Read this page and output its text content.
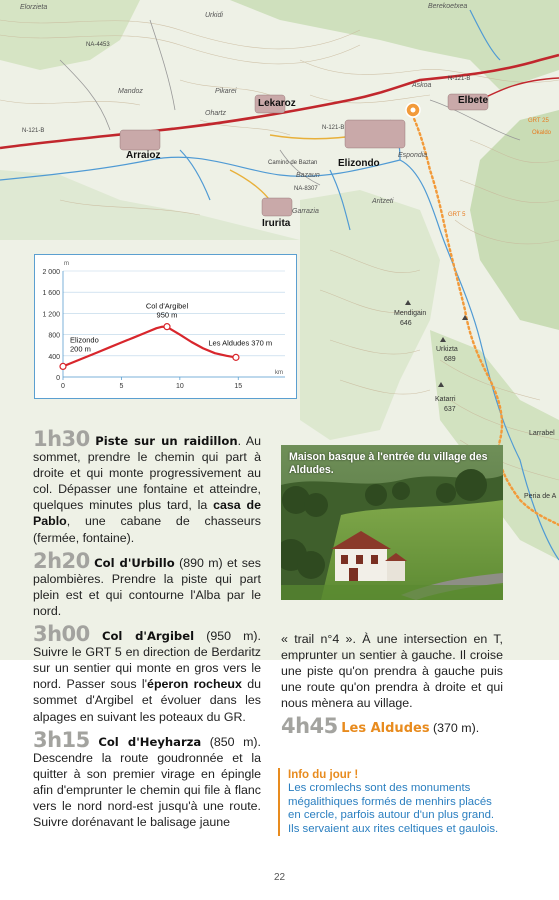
Elizondo
Lekaroz
Arraioz
Elbete
Irurita
Mendigain
646
Urkizta
689
Katarri
637
Larrabel
Peria de A
Ohartz
Pikarei
Askoa
Espondia
Bazaun
Garrazia
Aritzeti
Mandoz
Elorzieta	Berekoetxea
Urkidi
Camino de Baztan
N-121-B
N-121-B
NA-8307
NA-4453
N-121-B
GRT 5
GRT 25
Okaldo
2 000
1 600
1 200
800
400
0
m
0	5	10	15
km
Elizondo 200 m
Col d'Argibel 950 m
Les Aldudes 370 m

1h30 Piste sur un raidillon. Au sommet, prendre le chemin qui part à droite et qui monte progressivement au col. Dépasser une fontaine et atteindre, quelques minutes plus tard, la casa de Pablo, une cabane de chasseurs (fermée, fontaine).

2h20 Col d'Urbillo (890 m) et ses palombières. Prendre la piste qui part plein est et qui contourne l'Alba par le nord.

3h00 Col d'Argibel (950 m). Suivre le GRT 5 en direction de Berdaritz sur un sentier qui monte en gros vers le nord. Passer sous l'éperon rocheux du sommet d'Argibel et évoluer dans les alpages en suivant les poteaux du GR.

3h15 Col d'Heyharza (850 m). Descendre la route goudronnée et la quitter à son premier virage en épingle afin d'emprunter le chemin qui file à flanc vers le nord nord-est jusqu'à une route. Suivre dorénavant le balisage jaune

Maison basque à l'entrée du village des Aldudes.

« trail n°4 ». À une intersection en T, emprunter un sentier à gauche. Il croise une piste qu'on prendra à gauche puis une route qu'on prendra à droite et qui nous mènera au village.

4h45 Les Aldudes (370 m).

Info du jour !
Les cromlechs sont des monuments mégalithiques formés de menhirs placés en cercle, parfois autour d'un plus grand. Ils servaient aux rites celtiques et gaulois.
22
